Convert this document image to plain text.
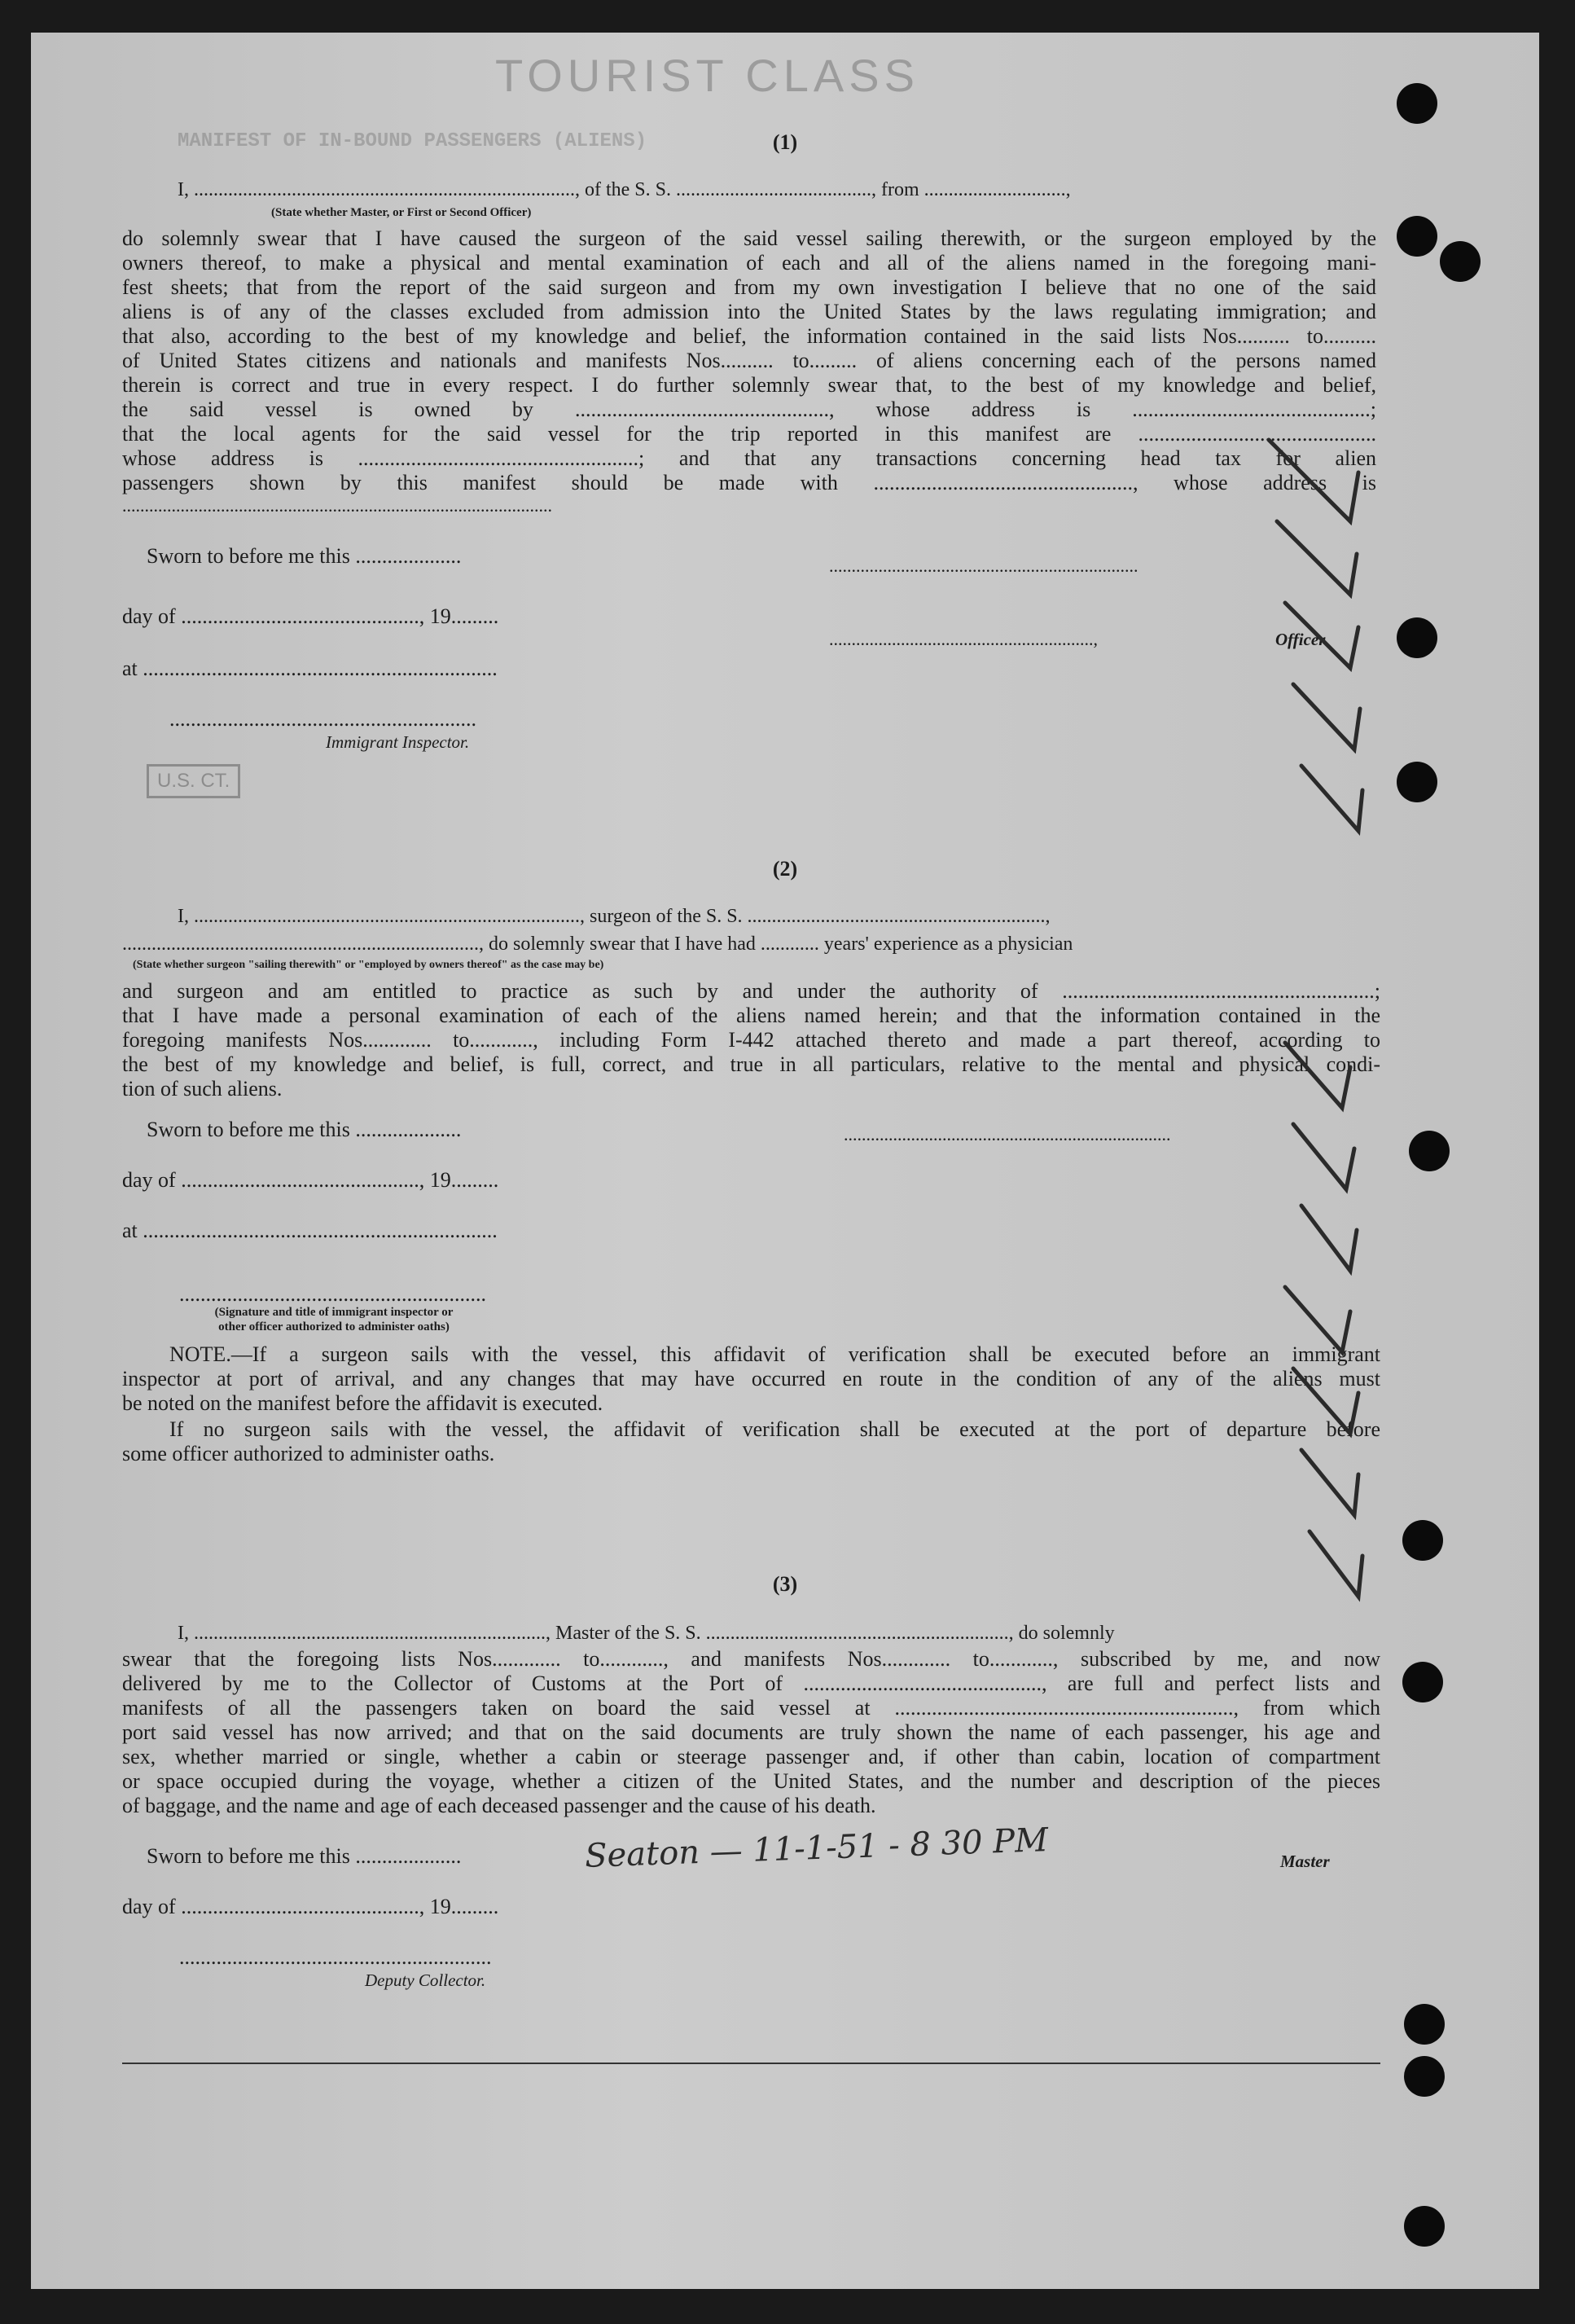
TOURIST CLASS
MANIFEST OF IN-BOUND PASSENGERS (ALIENS)	(1)
I, .............................................................................., of the S. S. ........................................, from .............................,
(State whether Master, or First or Second Officer)
do solemnly swear that I have caused the surgeon of the said vessel sailing therewith, or the surgeon employed by the
owners thereof, to make a physical and mental examination of each and all of the aliens named in the foregoing mani-
fest sheets; that from the report of the said surgeon and from my own investigation I believe that no one of the said
aliens is of any of the classes excluded from admission into the United States by the laws regulating immigration; and
that also, according to the best of my knowledge and belief, the information contained in the said lists Nos.......... to..........
of United States citizens and nationals and manifests Nos.......... to......... of aliens concerning each of the persons named
therein is correct and true in every respect. I do further solemnly swear that, to the best of my knowledge and belief,
the said vessel is owned by ................................................, whose address is .............................................;
that the local agents for the said vessel for the trip reported in this manifest are .............................................
whose address is .....................................................; and that any transactions concerning head tax for alien
passengers shown by this manifest should be made with ................................................., whose address is
................................................................................................
Sworn to before me this ....................
day of ............................................., 19.........
at ...................................................................
..........................................................
Immigrant Inspector.
.....................................................................
...........................................................,	Officer
U.S. CT.
(2)
I, ..............................................................................., surgeon of the S. S. .............................................................,
........................................................................., do solemnly swear that I have had ............ years' experience as a physician
(State whether surgeon "sailing therewith" or "employed by owners thereof" as the case may be)
and surgeon and am entitled to practice as such by and under the authority of ...........................................................;
that I have made a personal examination of each of the aliens named herein; and that the information contained in the
foregoing manifests Nos............. to............, including Form I-442 attached thereto and made a part thereof, according to
the best of my knowledge and belief, is full, correct, and true in all particulars, relative to the mental and physical condi-
tion of such aliens.
Sworn to before me this ....................	.........................................................................
day of ............................................., 19.........
at ...................................................................
..........................................................
(Signature and title of immigrant inspector or
other officer authorized to administer oaths)
NOTE.—If a surgeon sails with the vessel, this affidavit of verification shall be executed before an immigrant
inspector at port of arrival, and any changes that may have occurred en route in the condition of any of the aliens must
be noted on the manifest before the affidavit is executed.
If no surgeon sails with the vessel, the affidavit of verification shall be executed at the port of departure before
some officer authorized to administer oaths.
(3)
I, ........................................................................, Master of the S. S. .............................................................., do solemnly
swear that the foregoing lists Nos............. to............, and manifests Nos............. to............, subscribed by me, and now
delivered by me to the Collector of Customs at the Port of ............................................., are full and perfect lists and
manifests of all the passengers taken on board the said vessel at ................................................................, from which
port said vessel has now arrived; and that on the said documents are truly shown the name of each passenger, his age and
sex, whether married or single, whether a cabin or steerage passenger and, if other than cabin, location of compartment
or space occupied during the voyage, whether a citizen of the United States, and the number and description of the pieces
of baggage, and the name and age of each deceased passenger and the cause of his death.
Sworn to before me this ....................	Seaton — 11-1-51 - 8 30 PM	Master
day of ............................................., 19.........
...........................................................
Deputy Collector.
